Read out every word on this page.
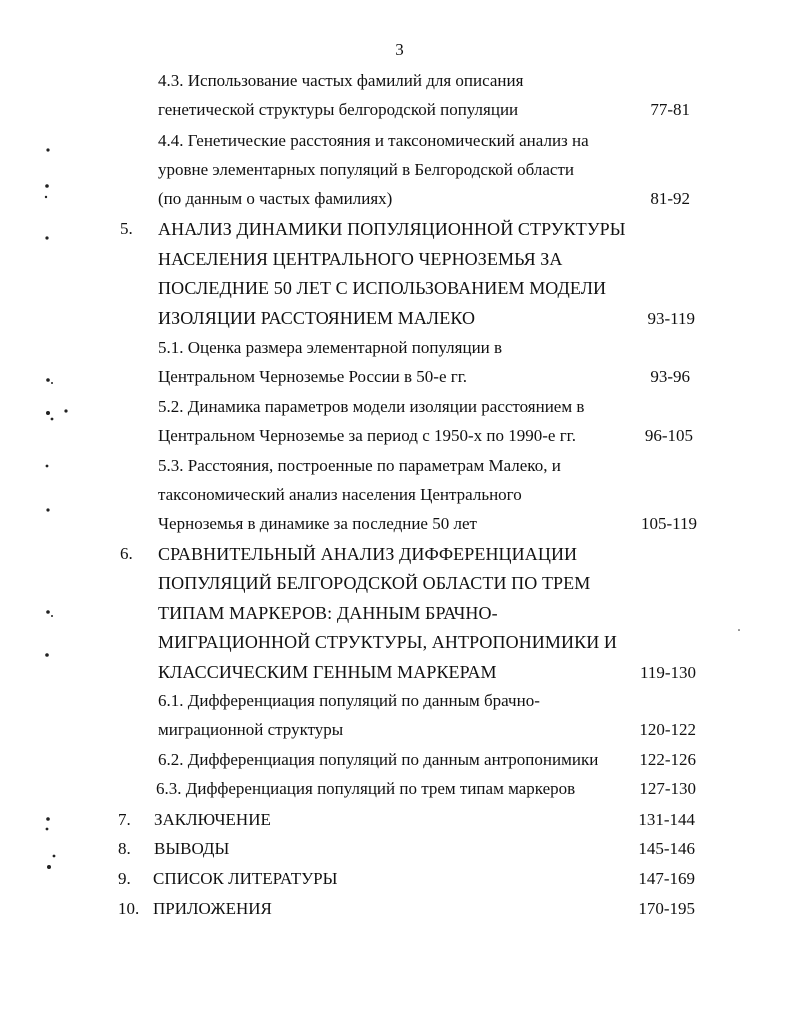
3
4.3. Использование частых фамилий для описания
генетической структуры белгородской популяции	77-81
4.4. Генетические расстояния и таксономический анализ на
уровне элементарных популяций в Белгородской области
(по данным о частых фамилиях)	81-92
5. АНАЛИЗ ДИНАМИКИ ПОПУЛЯЦИОННОЙ СТРУКТУРЫ
НАСЕЛЕНИЯ ЦЕНТРАЛЬНОГО ЧЕРНОЗЕМЬЯ ЗА
ПОСЛЕДНИЕ 50 ЛЕТ С ИСПОЛЬЗОВАНИЕМ МОДЕЛИ
ИЗОЛЯЦИИ РАССТОЯНИЕМ МАЛЕКО	93-119
5.1. Оценка размера элементарной популяции в
Центральном Черноземье России в 50-е гг.	93-96
5.2. Динамика параметров модели изоляции расстоянием в
Центральном Черноземье за период с 1950-х по 1990-е гг.	96-105
5.3. Расстояния, построенные по параметрам Малеко, и
таксономический анализ населения Центрального
Черноземья в динамике за последние 50 лет	105-119
6. СРАВНИТЕЛЬНЫЙ АНАЛИЗ ДИФФЕРЕНЦИАЦИИ
ПОПУЛЯЦИЙ БЕЛГОРОДСКОЙ ОБЛАСТИ ПО ТРЕМ
ТИПАМ МАРКЕРОВ: ДАННЫМ БРАЧНО-
МИГРАЦИОННОЙ СТРУКТУРЫ, АНТРОПОНИМИКИ И
КЛАССИЧЕСКИМ ГЕННЫМ МАРКЕРАМ	119-130
6.1. Дифференциация популяций по данным брачно-
миграционной структуры	120-122
6.2. Дифференциация популяций по данным антропонимики	122-126
6.3. Дифференциация популяций по трем типам маркеров	127-130
7. ЗАКЛЮЧЕНИЕ	131-144
8. ВЫВОДЫ	145-146
9. СПИСОК ЛИТЕРАТУРЫ	147-169
10. ПРИЛОЖЕНИЯ	170-195
